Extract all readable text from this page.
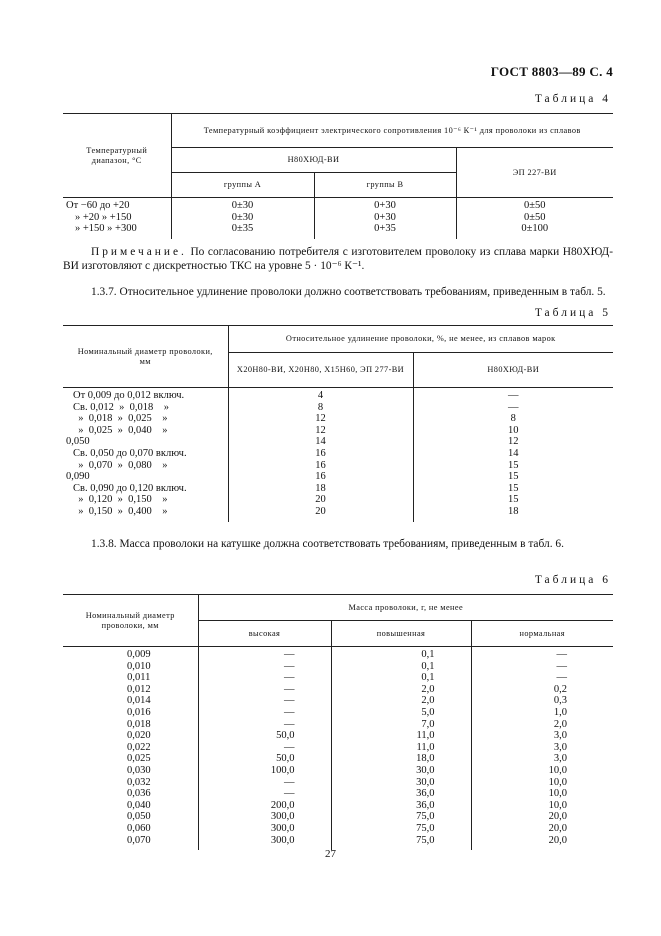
ГОСТ 8803—89 С. 4
Таблица 4
Температурный диапазон, °С	Температурный коэффициент электрического сопротивления 10⁻⁶ К⁻¹ для проволоки из сплавов		
	Н80ХЮД-ВИ		ЭП 227-ВИ
	группы А	группы В	
От −60 до +20	0±30	0+30	0±50
» +20 » +150	0±30	0+30	0±50
» +150 » +300	0±35	0+35	0±100
Примечание. По согласованию потребителя с изготовителем проволоку из сплава марки Н80ХЮД-ВИ изготовляют с дискретностью ТКС на уровне 5 · 10⁻⁶ К⁻¹.
1.3.7. Относительное удлинение проволоки должно соответствовать требованиям, приведенным в табл. 5.
Таблица 5
Номинальный диаметр проволоки, мм	Относительное удлинение проволоки, %, не менее, из сплавов марок	
	Х20Н80-ВИ, Х20Н80, Х15Н60, ЭП 277-ВИ	Н80ХЮД-ВИ
От 0,009 до 0,012 включ.	4	—
Св. 0,012  »  0,018    »	8	—
»  0,018  »  0,025    »	12	8
»  0,025  »  0,040    »	12	10
0,050	14	12
Св. 0,050 до 0,070 включ.	16	14
»  0,070  »  0,080    »	16	15
0,090	16	15
Св. 0,090 до 0,120 включ.	18	15
»  0,120  »  0,150    »	20	15
»  0,150  »  0,400    »	20	18
1.3.8. Масса проволоки на катушке должна соответствовать требованиям, приведенным в табл. 6.
Таблица 6
Номинальный диаметр проволоки, мм	Масса проволоки, г, не менее		
	высокая	повышенная	нормальная
0,009	—	0,1	—
0,010	—	0,1	—
0,011	—	0,1	—
0,012	—	2,0	0,2
0,014	—	2,0	0,3
0,016	—	5,0	1,0
0,018	—	7,0	2,0
0,020	50,0	11,0	3,0
0,022	—	11,0	3,0
0,025	50,0	18,0	3,0
0,030	100,0	30,0	10,0
0,032	—	30,0	10,0
0,036	—	36,0	10,0
0,040	200,0	36,0	10,0
0,050	300,0	75,0	20,0
0,060	300,0	75,0	20,0
0,070	300,0	75,0	20,0
27
